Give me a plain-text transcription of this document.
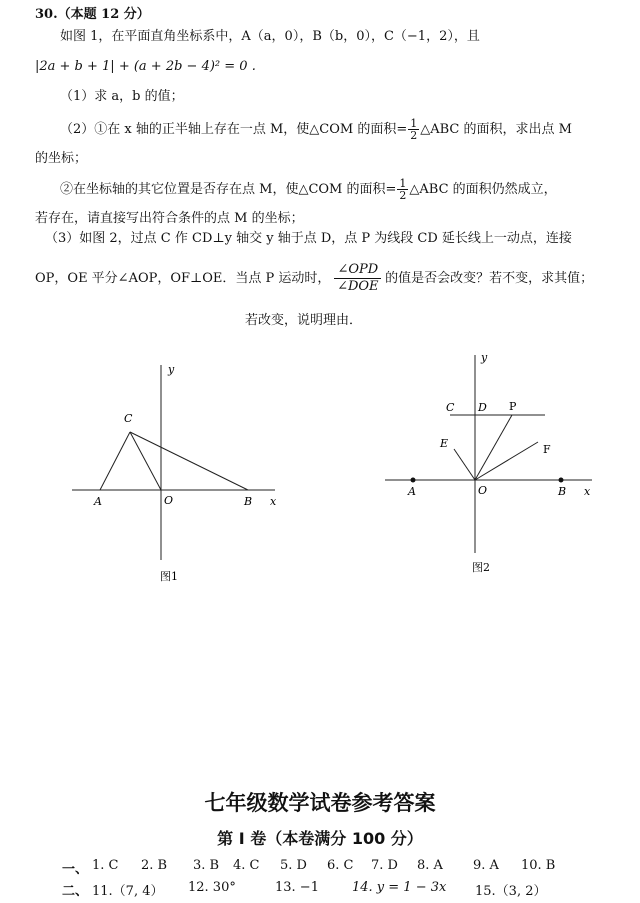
30.（本题 12 分）
如图 1，在平面直角坐标系中，A（a，0），B（b，0），C（−1，2），且
|2a + b + 1| + (a + 2b − 4)² = 0 .
（1）求 a，b 的值；
（2）①在 x 轴的正半轴上存在一点 M，使△COM 的面积= $\frac{1}{2}$ △ABC 的面积，求出点 M
的坐标；
②在坐标轴的其它位置是否存在点 M，使△COM 的面积= $\frac{1}{2}$ △ABC 的面积仍然成立，
若存在，请直接写出符合条件的点 M 的坐标；
（3）如图 2，过点 C 作 CD⊥y 轴交 y 轴于点 D，点 P 为线段 CD 延长线上一动点，连接
OP，OE 平分∠AOP，OF⊥OE．当点 P 运动时， $\frac{\text{∠OPD}}{\text{∠DOE}}$ 的值是否会改变？若不变，求其值；
若改变，说明理由．
y
C
A	O	B x
图1
y
C D P
E	F
A	O	B x
图2
七年级数学试卷参考答案
第 I 卷（本卷满分 100 分）
一、 1. C 2. B 3. B 4. C 5. D 6. C 7. D 8. A 9. A 10. B
二、 11.（7, 4） 12. 30°	13. −1	14. y = 1 − 3x 15.（3, 2）
